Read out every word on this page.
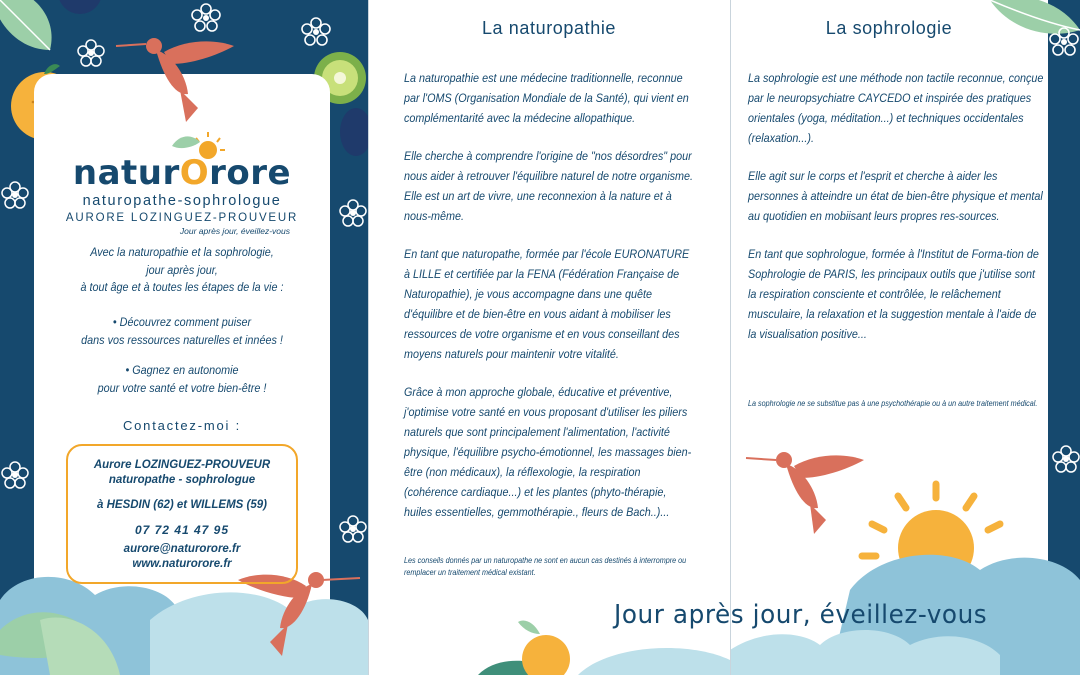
naturOrore
naturopathe-sophrologue
AURORE LOZINGUEZ-PROUVEUR
Jour après jour, éveillez-vous
Avec la naturopathie et la sophrologie,
jour après jour,
à tout âge et à toutes les étapes de la vie :
• Découvrez comment puiser
dans vos ressources naturelles et innées !
• Gagnez en autonomie
pour votre santé et votre bien-être !
Contactez-moi :
Aurore LOZINGUEZ-PROUVEUR
naturopathe - sophrologue
à HESDIN (62) et WILLEMS (59)
07 72 41 47 95
aurore@naturorore.fr
www.naturorore.fr
La naturopathie

La naturopathie est une médecine traditionnelle, reconnue par l'OMS (Organisation Mondiale de la Santé), qui vient en complémentarité avec la médecine allopathique.

Elle cherche à comprendre l'origine de "nos désordres" pour nous aider à retrouver l'équilibre naturel de notre organisme. Elle est un art de vivre, une reconnexion à la nature et à nous-même.

En tant que naturopathe, formée par l'école EURONATURE à LILLE et certifiée par la FENA (Fédération Française de Naturopathie), je vous accompagne dans une quête d'équilibre et de bien-être en vous aidant à mobiliser les ressources de votre organisme et en vous conseillant des moyens naturels pour maintenir votre vitalité.

Grâce à mon approche globale, éducative et préventive, j'optimise votre santé en vous proposant d'utiliser les piliers naturels que sont principalement l'alimentation, l'activité physique, l'équilibre psycho-émotionnel, les massages bien-être (non médicaux), la réflexologie, la respiration (cohérence cardiaque...) et les plantes (phyto-thérapie, huiles essentielles, gemmothérapie., fleurs de Bach..)...

Les conseils donnés par un naturopathe ne sont en aucun cas destinés à interrompre ou remplacer un traitement médical existant.
La sophrologie

La sophrologie est une méthode non tactile reconnue, conçue par le neuropsychiatre CAYCEDO et inspirée des pratiques orientales (yoga, méditation...) et techniques occidentales (relaxation...).

Elle agit sur le corps et l'esprit et cherche à aider les personnes à atteindre un état de bien-être physique et mental au quotidien en mobiisant leurs propres res-sources.

En tant que sophrologue, formée à l'Institut de Forma-tion de Sophrologie de PARIS, les principaux outils que j'utilise sont la respiration consciente et contrôlée, le relâchement musculaire, la relaxation et la suggestion mentale à l'aide de la visualisation positive...

La sophrologie ne se substitue pas à une psychothérapie ou à un autre traitement médical.
Jour après jour, éveillez-vous
